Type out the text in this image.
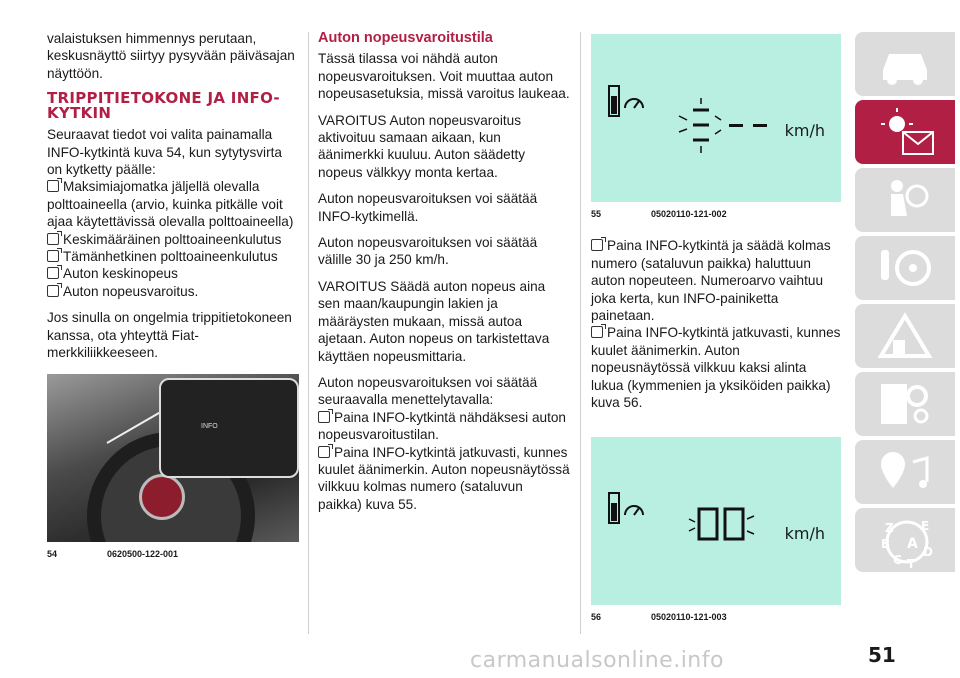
valaistuksen himmennys perutaan, keskusnäyttö siirtyy pysyvään päiväsajan näyttöön.

TRIPPITIETOKONE JA INFO-KYTKIN

Seuraavat tiedot voi valita painamalla INFO-kytkintä kuva 54, kun sytytysvirta on kytketty päälle:

Maksimiajomatka jäljellä olevalla polttoaineella (arvio, kuinka pitkälle voit ajaa käytettävissä olevalla polttoaineella)
Keskimääräinen polttoaineenkulutus
Tämänhetkinen polttoaineenkulutus
Auton keskinopeus
Auton nopeusvaroitus.

Jos sinulla on ongelmia trippitietokoneen kanssa, ota yhteyttä Fiat-merkkiliikkeeseen.

INFO
54	0620500-122-001
Auton nopeusvaroitustila

Tässä tilassa voi nähdä auton nopeusvaroituksen. Voit muuttaa auton nopeusasetuksia, missä varoitus laukeaa.

VAROITUS Auton nopeusvaroitus aktivoituu samaan aikaan, kun äänimerkki kuuluu. Auton säädetty nopeus välkkyy monta kertaa.

Auton nopeusvaroituksen voi säätää INFO-kytkimellä.

Auton nopeusvaroituksen voi säätää välille 30 ja 250 km/h.

VAROITUS Säädä auton nopeus aina sen maan/kaupungin lakien ja määräysten mukaan, missä autoa ajetaan. Auton nopeus on tarkistettava käyttäen nopeusmittaria.

Auton nopeusvaroituksen voi säätää seuraavalla menettelytavalla:

Paina INFO-kytkintä nähdäksesi auton nopeusvaroitustilan.
Paina INFO-kytkintä jatkuvasti, kunnes kuulet äänimerkin. Auton nopeusnäytössä vilkkuu kolmas numero (sataluvun paikka) kuva 55.
km/h
55	05020110-121-002
Paina INFO-kytkintä ja säädä kolmas numero (sataluvun paikka) haluttuun auton nopeuteen. Numeroarvo vaihtuu joka kerta, kun INFO-painiketta painetaan.
Paina INFO-kytkintä jatkuvasti, kunnes kuulet äänimerkin. Auton nopeusnäytössä vilkkuu kaksi alinta lukua (kymmenien ja yksiköiden paikka) kuva 56.
km/h
56	05020110-121-003
Z E
B A
C
D
T
carmanualsonline.info	51
